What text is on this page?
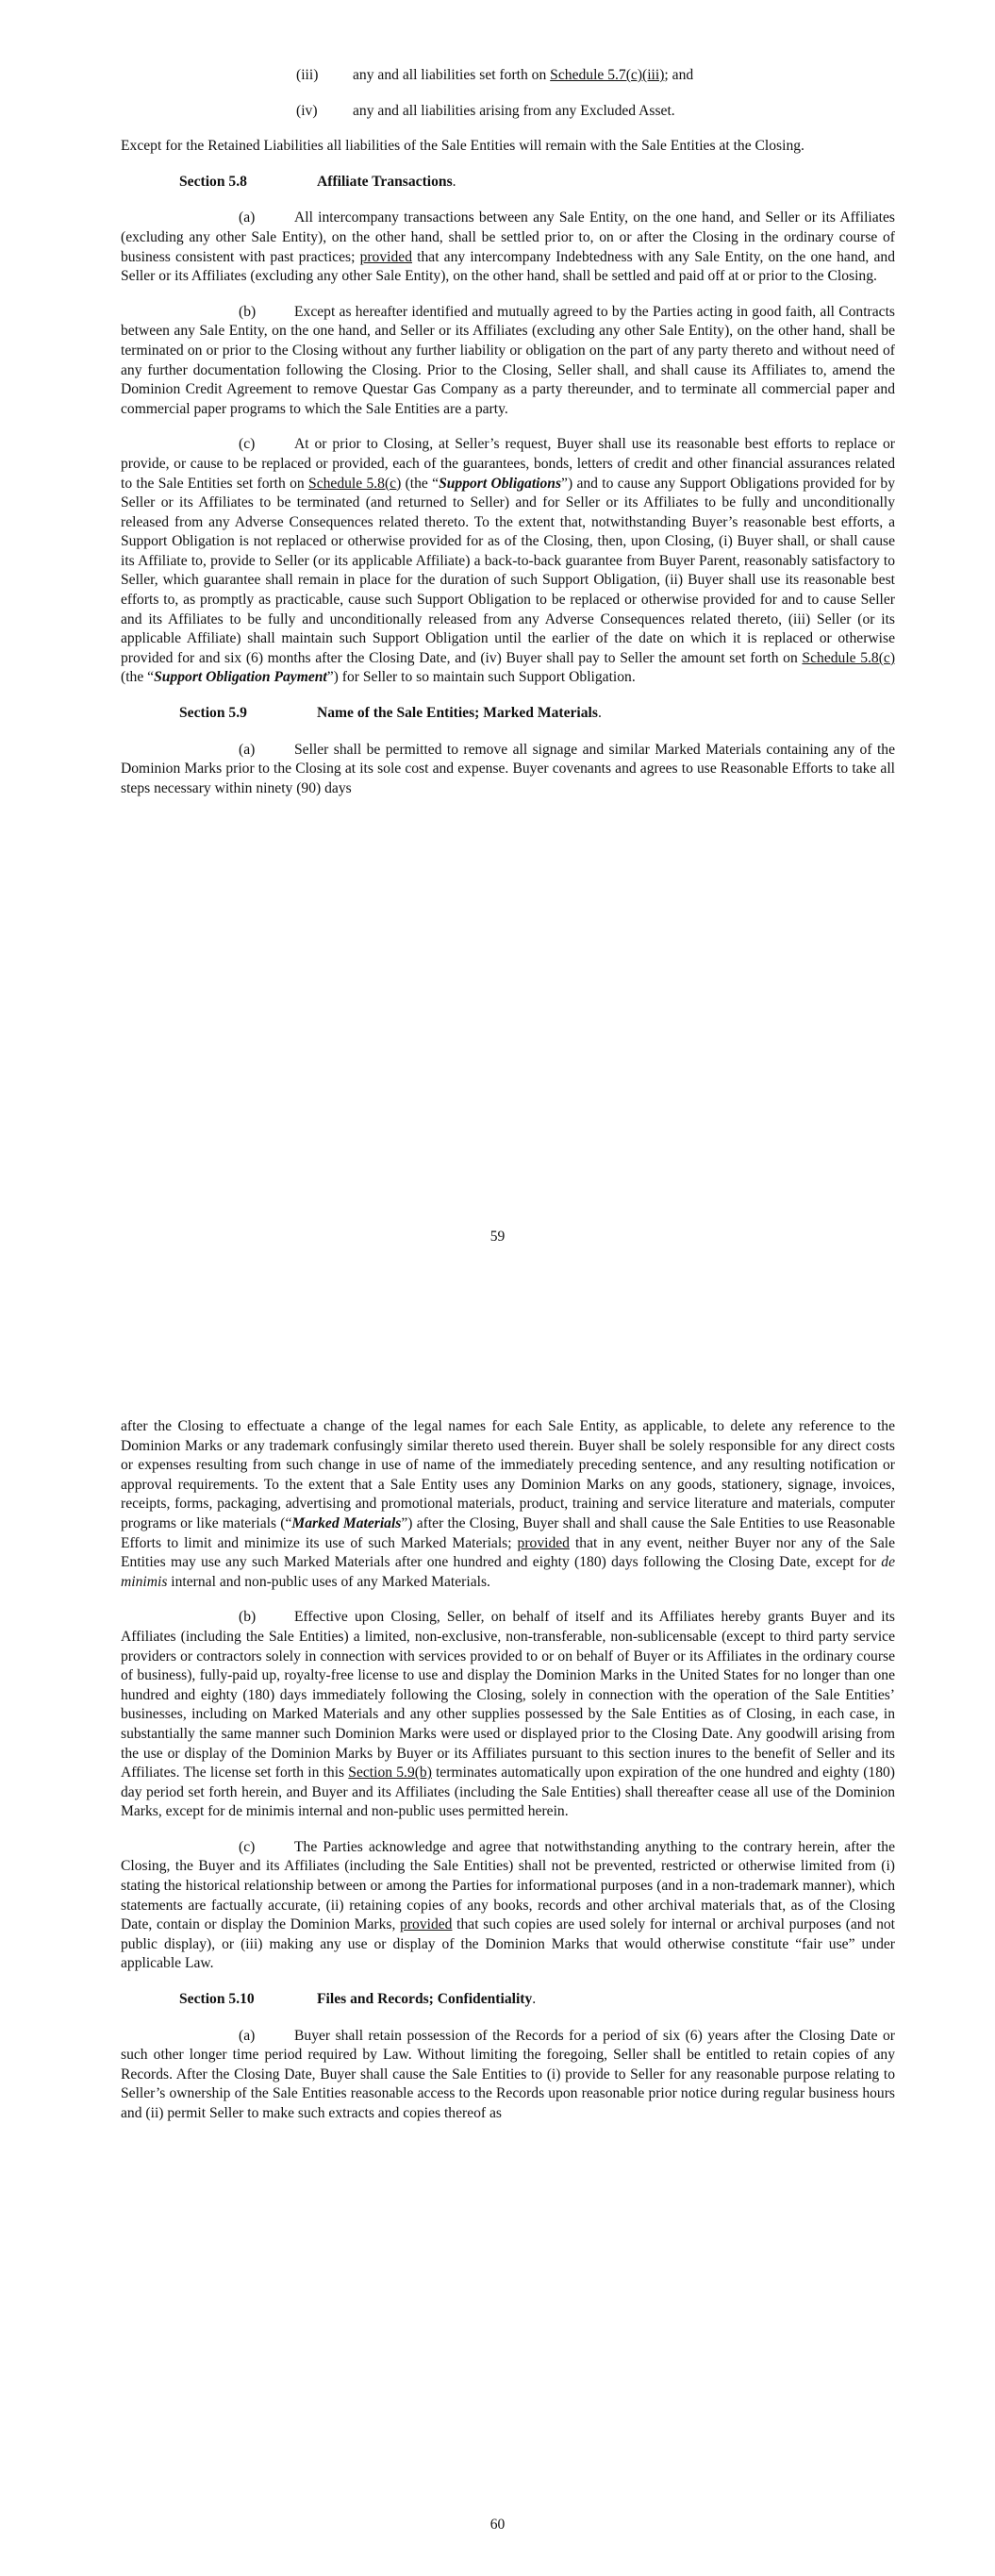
(iii) any and all liabilities set forth on Schedule 5.7(c)(iii); and

(iv) any and all liabilities arising from any Excluded Asset.

Except for the Retained Liabilities all liabilities of the Sale Entities will remain with the Sale Entities at the Closing.

Section 5.8	Affiliate Transactions.

(a)	All intercompany transactions between any Sale Entity, on the one hand, and Seller or its Affiliates (excluding any other Sale Entity), on the other hand, shall be settled prior to, on or after the Closing in the ordinary course of business consistent with past practices; provided that any intercompany Indebtedness with any Sale Entity, on the one hand, and Seller or its Affiliates (excluding any other Sale Entity), on the other hand, shall be settled and paid off at or prior to the Closing.

(b)	Except as hereafter identified and mutually agreed to by the Parties acting in good faith, all Contracts between any Sale Entity, on the one hand, and Seller or its Affiliates (excluding any other Sale Entity), on the other hand, shall be terminated on or prior to the Closing without any further liability or obligation on the part of any party thereto and without need of any further documentation following the Closing. Prior to the Closing, Seller shall, and shall cause its Affiliates to, amend the Dominion Credit Agreement to remove Questar Gas Company as a party thereunder, and to terminate all commercial paper and commercial paper programs to which the Sale Entities are a party.

(c)	At or prior to Closing, at Seller’s request, Buyer shall use its reasonable best efforts to replace or provide, or cause to be replaced or provided, each of the guarantees, bonds, letters of credit and other financial assurances related to the Sale Entities set forth on Schedule 5.8(c) (the “Support Obligations”) and to cause any Support Obligations provided for by Seller or its Affiliates to be terminated (and returned to Seller) and for Seller or its Affiliates to be fully and unconditionally released from any Adverse Consequences related thereto. To the extent that, notwithstanding Buyer’s reasonable best efforts, a Support Obligation is not replaced or otherwise provided for as of the Closing, then, upon Closing, (i) Buyer shall, or shall cause its Affiliate to, provide to Seller (or its applicable Affiliate) a back-to-back guarantee from Buyer Parent, reasonably satisfactory to Seller, which guarantee shall remain in place for the duration of such Support Obligation, (ii) Buyer shall use its reasonable best efforts to, as promptly as practicable, cause such Support Obligation to be replaced or otherwise provided for and to cause Seller and its Affiliates to be fully and unconditionally released from any Adverse Consequences related thereto, (iii) Seller (or its applicable Affiliate) shall maintain such Support Obligation until the earlier of the date on which it is replaced or otherwise provided for and six (6) months after the Closing Date, and (iv) Buyer shall pay to Seller the amount set forth on Schedule 5.8(c) (the “Support Obligation Payment”) for Seller to so maintain such Support Obligation.

Section 5.9	Name of the Sale Entities; Marked Materials.

(a)	Seller shall be permitted to remove all signage and similar Marked Materials containing any of the Dominion Marks prior to the Closing at its sole cost and expense. Buyer covenants and agrees to use Reasonable Efforts to take all steps necessary within ninety (90) days

59

after the Closing to effectuate a change of the legal names for each Sale Entity, as applicable, to delete any reference to the Dominion Marks or any trademark confusingly similar thereto used therein. Buyer shall be solely responsible for any direct costs or expenses resulting from such change in use of name of the immediately preceding sentence, and any resulting notification or approval requirements. To the extent that a Sale Entity uses any Dominion Marks on any goods, stationery, signage, invoices, receipts, forms, packaging, advertising and promotional materials, product, training and service literature and materials, computer programs or like materials (“Marked Materials”) after the Closing, Buyer shall and shall cause the Sale Entities to use Reasonable Efforts to limit and minimize its use of such Marked Materials; provided that in any event, neither Buyer nor any of the Sale Entities may use any such Marked Materials after one hundred and eighty (180) days following the Closing Date, except for de minimis internal and non-public uses of any Marked Materials.

(b)	Effective upon Closing, Seller, on behalf of itself and its Affiliates hereby grants Buyer and its Affiliates (including the Sale Entities) a limited, non-exclusive, non-transferable, non-sublicensable (except to third party service providers or contractors solely in connection with services provided to or on behalf of Buyer or its Affiliates in the ordinary course of business), fully-paid up, royalty-free license to use and display the Dominion Marks in the United States for no longer than one hundred and eighty (180) days immediately following the Closing, solely in connection with the operation of the Sale Entities’ businesses, including on Marked Materials and any other supplies possessed by the Sale Entities as of Closing, in each case, in substantially the same manner such Dominion Marks were used or displayed prior to the Closing Date. Any goodwill arising from the use or display of the Dominion Marks by Buyer or its Affiliates pursuant to this section inures to the benefit of Seller and its Affiliates. The license set forth in this Section 5.9(b) terminates automatically upon expiration of the one hundred and eighty (180) day period set forth herein, and Buyer and its Affiliates (including the Sale Entities) shall thereafter cease all use of the Dominion Marks, except for de minimis internal and non-public uses permitted herein.

(c)	The Parties acknowledge and agree that notwithstanding anything to the contrary herein, after the Closing, the Buyer and its Affiliates (including the Sale Entities) shall not be prevented, restricted or otherwise limited from (i) stating the historical relationship between or among the Parties for informational purposes (and in a non-trademark manner), which statements are factually accurate, (ii) retaining copies of any books, records and other archival materials that, as of the Closing Date, contain or display the Dominion Marks, provided that such copies are used solely for internal or archival purposes (and not public display), or (iii) making any use or display of the Dominion Marks that would otherwise constitute “fair use” under applicable Law.

Section 5.10	Files and Records; Confidentiality.

(a)	Buyer shall retain possession of the Records for a period of six (6) years after the Closing Date or such other longer time period required by Law. Without limiting the foregoing, Seller shall be entitled to retain copies of any Records. After the Closing Date, Buyer shall cause the Sale Entities to (i) provide to Seller for any reasonable purpose relating to Seller’s ownership of the Sale Entities reasonable access to the Records upon reasonable prior notice during regular business hours and (ii) permit Seller to make such extracts and copies thereof as

60
